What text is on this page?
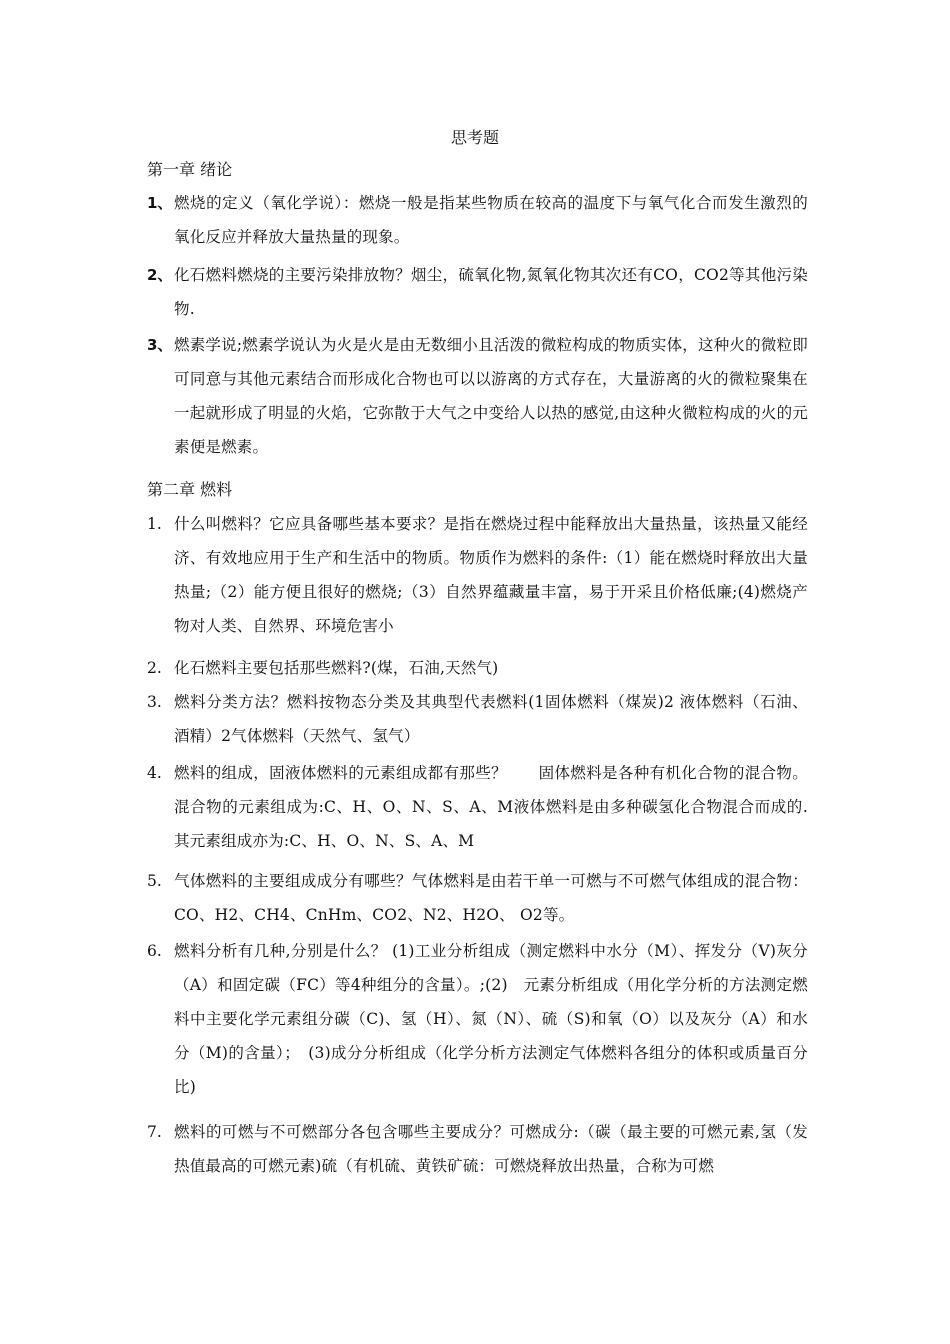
思考题
第一章 绪论
1、 燃烧的定义（氧化学说）：燃烧一般是指某些物质在较高的温度下与氧气化合而发生激烈的氧化反应并释放大量热量的现象。
2、 化石燃料燃烧的主要污染排放物？烟尘，硫氧化物,氮氧化物其次还有CO，CO2等其他污染物.
3、 燃素学说;燃素学说认为火是火是由无数细小且活泼的微粒构成的物质实体，这种火的微粒即可同意与其他元素结合而形成化合物也可以以游离的方式存在，大量游离的火的微粒聚集在一起就形成了明显的火焰，它弥散于大气之中变给人以热的感觉,由这种火微粒构成的火的元素便是燃素。
第二章 燃料
1. 什么叫燃料？它应具备哪些基本要求？是指在燃烧过程中能释放出大量热量，该热量又能经济、有效地应用于生产和生活中的物质。物质作为燃料的条件:（1）能在燃烧时释放出大量热量;（2）能方便且很好的燃烧;（3）自然界蕴藏量丰富，易于开采且价格低廉;(4)燃烧产物对人类、自然界、环境危害小
2. 化石燃料主要包括那些燃料?(煤，石油,天然气)
3. 燃料分类方法？燃料按物态分类及其典型代表燃料(1固体燃料（煤炭)2 液体燃料（石油、酒精）2气体燃料（天然气、氢气）
4. 燃料的组成，固液体燃料的元素组成都有那些？　　固体燃料是各种有机化合物的混合物。混合物的元素组成为:C、H、O、N、S、A、M液体燃料是由多种碳氢化合物混合而成的. 其元素组成亦为:C、H、O、N、S、A、M
5. 气体燃料的主要组成成分有哪些？气体燃料是由若干单一可燃与不可燃气体组成的混合物：CO、H2、CH4、CnHm、CO2、N2、H2O、 O2等。
6. 燃料分析有几种,分别是什么？ (1)工业分析组成（测定燃料中水分（M）、挥发分（V)灰分（A）和固定碳（FC）等4种组分的含量）。;(2)　元素分析组成（用化学分析的方法测定燃料中主要化学元素组分碳（C)、氢（H）、氮（N）、硫（S)和氧（O）以及灰分（A）和水分（M)的含量）；　(3)成分分析组成（化学分析方法测定气体燃料各组分的体积或质量百分比)
7. 燃料的可燃与不可燃部分各包含哪些主要成分？可燃成分:（碳（最主要的可燃元素,氢（发热值最高的可燃元素)硫（有机硫、黄铁矿硫：可燃烧释放出热量，合称为可燃
